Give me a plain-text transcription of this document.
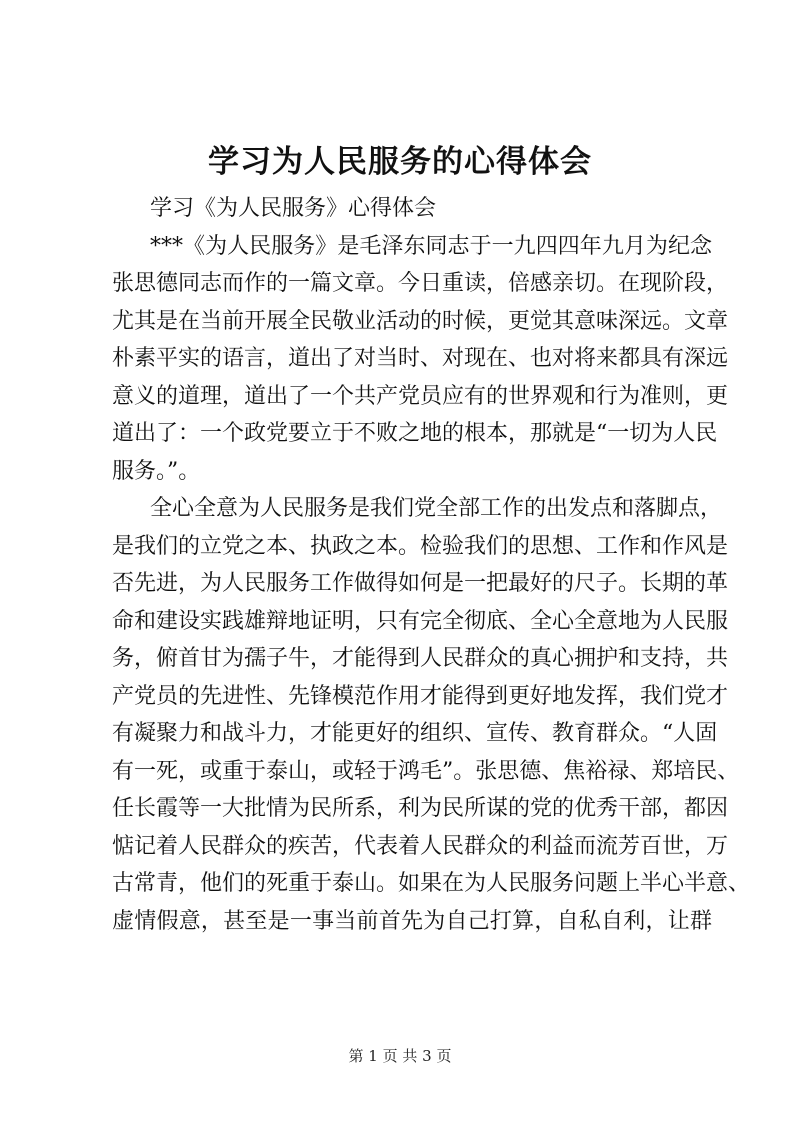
学习为人民服务的心得体会
学习《为人民服务》心得体会
***《为人民服务》是毛泽东同志于一九四四年九月为纪念
张思德同志而作的一篇文章。今日重读，倍感亲切。在现阶段，
尤其是在当前开展全民敬业活动的时候，更觉其意味深远。文章
朴素平实的语言，道出了对当时、对现在、也对将来都具有深远
意义的道理，道出了一个共产党员应有的世界观和行为准则，更
道出了：一个政党要立于不败之地的根本，那就是“一切为人民
服务。”。
全心全意为人民服务是我们党全部工作的出发点和落脚点，
是我们的立党之本、执政之本。检验我们的思想、工作和作风是
否先进，为人民服务工作做得如何是一把最好的尺子。长期的革
命和建设实践雄辩地证明，只有完全彻底、全心全意地为人民服
务，俯首甘为孺子牛，才能得到人民群众的真心拥护和支持，共
产党员的先进性、先锋模范作用才能得到更好地发挥，我们党才
有凝聚力和战斗力，才能更好的组织、宣传、教育群众。“人固
有一死，或重于泰山，或轻于鸿毛”。张思德、焦裕禄、郑培民、
任长霞等一大批情为民所系，利为民所谋的党的优秀干部，都因
惦记着人民群众的疾苦，代表着人民群众的利益而流芳百世，万
古常青，他们的死重于泰山。如果在为人民服务问题上半心半意、
虚情假意，甚至是一事当前首先为自己打算，自私自利，让群
第 1 页 共 3 页
